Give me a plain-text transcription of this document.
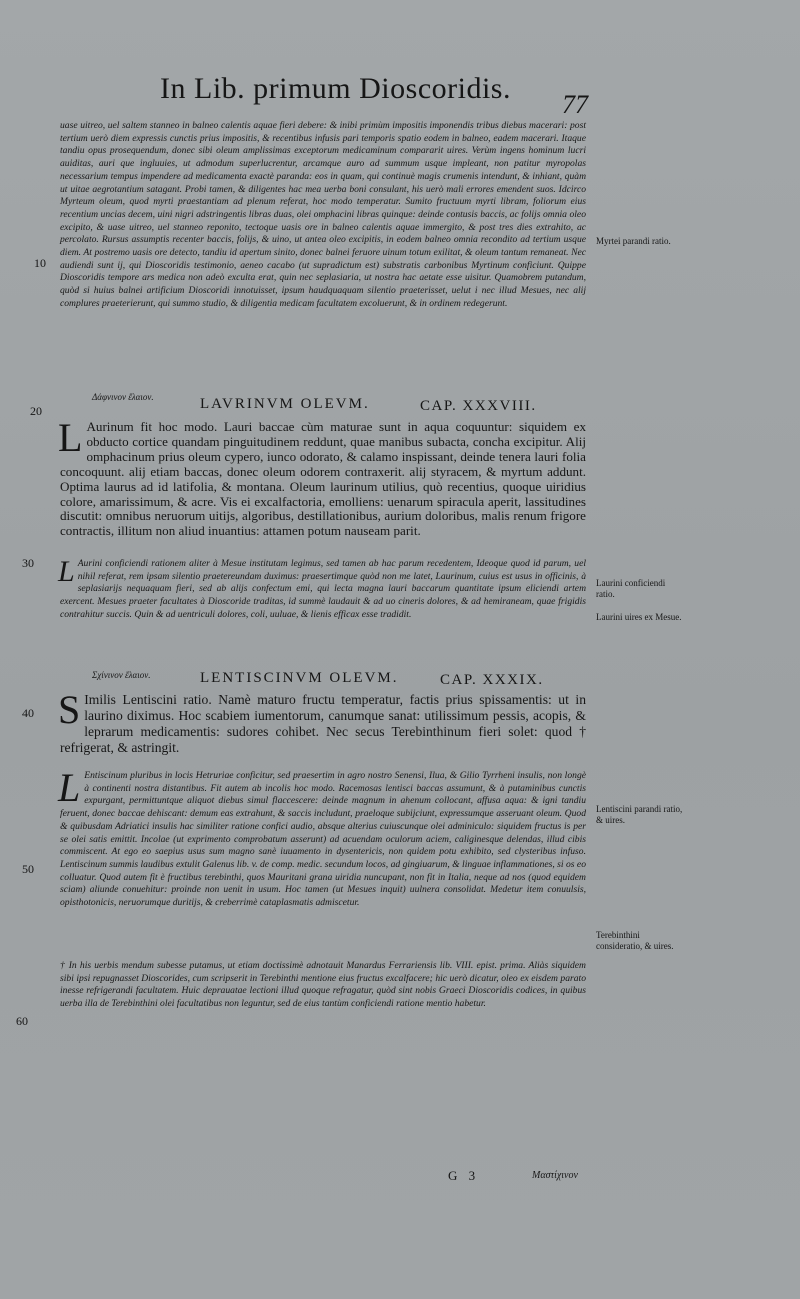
In Lib. primum Dioscoridis. 77

uase uitreo, uel saltem stanneo in balneo calentis aquae fieri debere: & inibi primùm impositis imponendis tribus diebus macerari: post tertium uerò diem expressis cunctis prius impositis, & recentibus infusis pari temporis spatio eodem in balneo, eadem macerari. Itaque tandiu opus prosequendum, donec sibi oleum amplissimas exceptorum medicaminum compararit uires. Verùm ingens hominum lucri auiditas, auri que ingluuies, ut admodum superlucrentur, arcamque auro ad summum usque impleant, non patitur myropolas necessarium tempus impendere ad medicamenta exactè paranda: eos in quam, qui continuè magis crumenis intendunt, & inhiant, quàm ut uitae aegrotantium satagant. Probi tamen, & diligentes hac mea uerba boni consulant, his uerò mali errores emendent suos. Idcirco Myrteum oleum, quod myrti praestantiam ad plenum referat, hoc modo temperatur. Sumito fructuum myrti libram, foliorum eius recentium uncias decem, uini nigri adstringentis libras duas, olei omphacini libras quinque: deinde contusis baccis, ac folijs omnia oleo excipito, & uase uitreo, uel stanneo reponito, tectoque uasis ore in balneo calentis aquae immergito, & post tres dies extrahito, ac percolato. Rursus assumptis recenter baccis, folijs, & uino, ut antea oleo excipitis, in eodem balneo omnia recondito ad tertium usque diem. At postremo uasis ore detecto, tandiu id apertum sinito, donec balnei feruore uinum totum exilitat, & oleum tantum remaneat. Nec audiendi sunt ij, qui Dioscoridis testimonio, aeneo cacabo (ut supradictum est) substratis carbonibus Myrtinum conficiunt. Quippe Dioscoridis tempore ars medica non adeò exculta erat, quin nec seplasiaria, ut nostra hac aetate esse uisitur. Quamobrem putandum, quòd si huius balnei artificium Dioscoridi innotuisset, ipsum haudquaquam silentio praeterisset, uelut i nec illud Mesues, nec alij complures praeterierunt, qui summo studio, & diligentia medicam facultatem excoluerunt, & in ordinem redegerunt.

Myrtei parandi ratio.
10
20
Δάφνινον ἔλαιον.	LAVRINVM OLEVM.	CAP. XXXVIII.
L Aurinum fit hoc modo. Lauri baccae cùm maturae sunt in aqua coquuntur: siquidem ex obducto cortice quandam pinguitudinem reddunt, quae manibus subacta, concha excipitur. Alij omphacinum prius oleum cypero, iunco odorato, & calamo inspissant, deinde tenera lauri folia concoquunt. alij etiam baccas, donec oleum odorem contraxerit. alij styracem, & myrtum addunt. Optima laurus ad id latifolia, & montana. Oleum laurinum utilius, quò recentius, quoque uiridius colore, amarissimum, & acre. Vis ei excalfactoria, emolliens: uenarum spiracula aperit, lassitudines discutit: omnibus neruorum uitijs, algoribus, destillationibus, aurium doloribus, malis renum frigore contractis, illitum non aliud inuantius: attamen potum nauseam parit.
30 L Aurini conficiendi rationem aliter à Mesue institutam legimus, sed tamen ab hac parum recedentem, Ideoque quod id parum, uel nihil referat, rem ipsam silentio praetereundam duximus: praesertimque quòd non me latet, Laurinum, cuius est usus in officinis, à seplasiarijs nequaquam fieri, sed ab alijs confectum emi, qui lecta magna lauri baccarum quantitate ipsum eliciendi artem exercent. Mesues praeter facultates à Dioscoride traditas, id summè laudauit & ad uo cineris dolores, & ad hemiraneam, quae frigidis contrahitur succis. Quin & ad uentriculi dolores, coli, uuluae, & lienis efficax esse tradidit.
Laurini conficiendi ratio.
Laurini uires ex Mesue.
Σχίνινον ἔλαιον.	LENTISCINVM OLEVM.	CAP. XXXIX.
40 S Imilis Lentiscini ratio. Namè maturo fructu temperatur, factis prius spissamentis: ut in laurino diximus. Hoc scabiem iumentorum, canumque sanat: utilissimum pessis, acopis, & leprarum medicamentis: sudores cohibet. Nec secus Terebinthinum fieri solet: quod † refrigerat, & astringit.
L Entiscinum pluribus in locis Hetruriae conficitur, sed praesertim in agro nostro Senensi, Ilua, & Gilio Tyrrheni insulis, non longè à continenti nostra distantibus. Fit autem ab incolis hoc modo. Racemosas lentisci baccas assumunt, & à putaminibus cunctis expurgant, permittuntque aliquot diebus simul flaccescere: deinde magnum in ahenum collocant, affusa aqua: & igni tandiu feruent, donec baccae dehiscant: demum eas extrahunt, & saccis includunt, praeloque subijciunt, expressumque asseruant oleum. Quod & quibusdam Adriatici insulis hac similiter ratione confici audio, absque alterius cuiuscunque olei adminiculo: siquidem fructus is per se olei satis emittit. Incolae (ut exprimento comprobatum asserunt) ad acuendam oculorum aciem, caliginesque delendas, illud cibis commiscent. At ego eo saepius usus sum magno sanè iuuamento in dysentericis, non quidem potu exhibito, sed clysteribus infuso. Lentiscinum summis laudibus extulit Galenus lib. v. de comp. medic. secundum locos, ad gingiuarum, & linguae inflammationes, si os eo colluatur. Quod autem fit è fructibus terebinthi, quos Mauritani grana uiridia nuncupant, non fit in Italia, neque ad nos (quod equidem sciam) aliunde conuehitur: proinde non uenit in usum. Hoc tamen (ut Mesues inquit) uulnera consolidat. Medetur item conuulsis, opisthotonicis, neruorumque duritijs, & creberrimè cataplasmatis admiscetur.
Lentiscini parandi ratio, & uires.
50
Terebinthini consideratio, & uires.

† In his uerbis mendum subesse putamus, ut etiam doctissimè adnotauit Manardus Ferrariensis lib. VIII. epist. prima. Aliàs siquidem sibi ipsi repugnasset Dioscorides, cum scripserit in Terebinthi mentione eius fructus excalfacere; hic uerò dicatur, oleo ex eisdem parato inesse refrigerandi facultatem. Huic deprauatae lectioni illud quoque refragatur, quòd sint nobis Graeci Dioscoridis codices, in quibus uerba illa de Terebinthini olei facultatibus non leguntur, sed de eius tantùm conficiendi ratione mentio habetur.

60
G 3	Μαστίχινον
